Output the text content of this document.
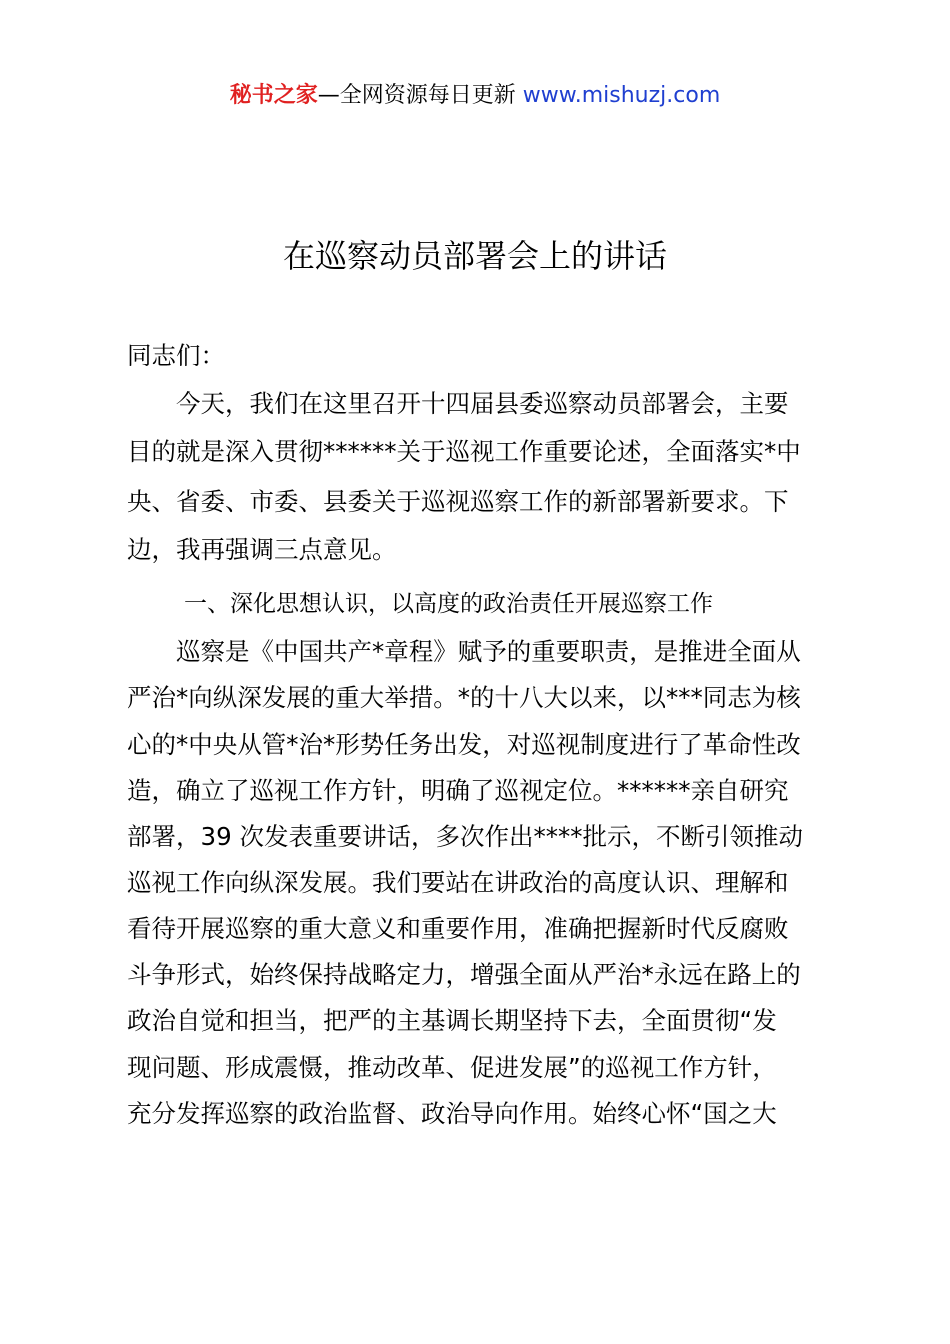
秘书之家—全网资源每日更新 www.mishuzj.com
在巡察动员部署会上的讲话
同志们：
今天，我们在这里召开十四届县委巡察动员部署会，主要
目的就是深入贯彻******关于巡视工作重要论述，全面落实*中
央、省委、市委、县委关于巡视巡察工作的新部署新要求。下
边，我再强调三点意见。
一、深化思想认识，以高度的政治责任开展巡察工作
巡察是《中国共产*章程》赋予的重要职责，是推进全面从
严治*向纵深发展的重大举措。*的十八大以来，以***同志为核
心的*中央从管*治*形势任务出发，对巡视制度进行了革命性改
造，确立了巡视工作方针，明确了巡视定位。******亲自研究
部署，39 次发表重要讲话，多次作出****批示，不断引领推动
巡视工作向纵深发展。我们要站在讲政治的高度认识、理解和
看待开展巡察的重大意义和重要作用，准确把握新时代反腐败
斗争形式，始终保持战略定力，增强全面从严治*永远在路上的
政治自觉和担当，把严的主基调长期坚持下去，全面贯彻“发
现问题、形成震慑，推动改革、促进发展”的巡视工作方针，
充分发挥巡察的政治监督、政治导向作用。始终心怀“国之大
